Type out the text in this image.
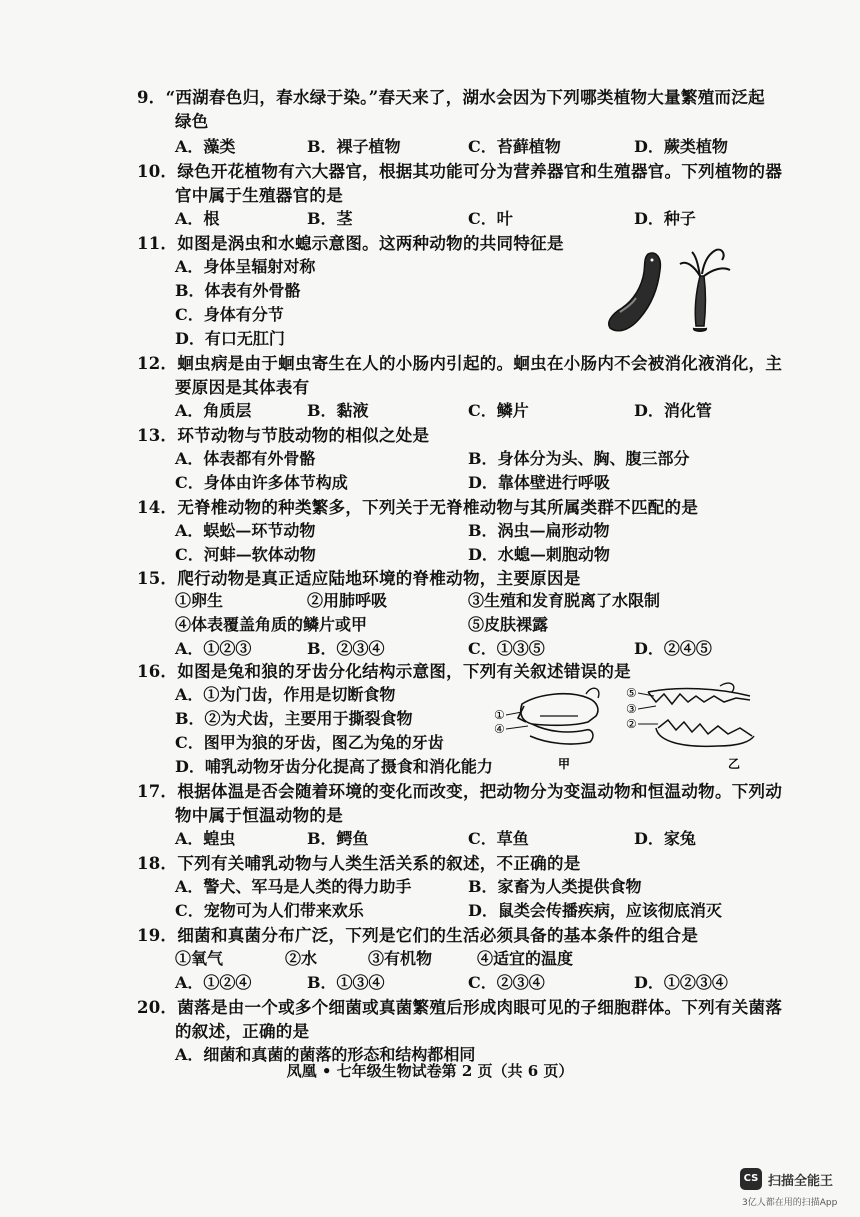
9．“西湖春色归，春水绿于染。”春天来了，湖水会因为下列哪类植物大量繁殖而泛起
绿色
A．藻类	B．裸子植物	C．苔藓植物	D．蕨类植物
10．绿色开花植物有六大器官，根据其功能可分为营养器官和生殖器官。下列植物的器
官中属于生殖器官的是
A．根	B．茎	C．叶	D．种子
11．如图是涡虫和水螅示意图。这两种动物的共同特征是
A．身体呈辐射对称
B．体表有外骨骼
C．身体有分节
D．有口无肛门
12．蛔虫病是由于蛔虫寄生在人的小肠内引起的。蛔虫在小肠内不会被消化液消化，主
要原因是其体表有
A．角质层	B．黏液	C．鳞片	D．消化管
13．环节动物与节肢动物的相似之处是
A．体表都有外骨骼	B．身体分为头、胸、腹三部分
C．身体由许多体节构成	D．靠体壁进行呼吸
14．无脊椎动物的种类繁多，下列关于无脊椎动物与其所属类群不匹配的是
A．蜈蚣—环节动物	B．涡虫—扁形动物
C．河蚌—软体动物	D．水螅—刺胞动物
15．爬行动物是真正适应陆地环境的脊椎动物，主要原因是
①卵生	②用肺呼吸	③生殖和发育脱离了水限制
④体表覆盖角质的鳞片或甲	⑤皮肤裸露
A．①②③	B．②③④	C．①③⑤	D．②④⑤
16．如图是兔和狼的牙齿分化结构示意图，下列有关叙述错误的是
A．①为门齿，作用是切断食物
B．②为犬齿，主要用于撕裂食物
C．图甲为狼的牙齿，图乙为兔的牙齿
D．哺乳动物牙齿分化提高了摄食和消化能力
①
④
甲
⑤
③
②
乙
17．根据体温是否会随着环境的变化而改变，把动物分为变温动物和恒温动物。下列动
物中属于恒温动物的是
A．蝗虫	B．鳄鱼	C．草鱼	D．家兔
18．下列有关哺乳动物与人类生活关系的叙述，不正确的是
A．警犬、军马是人类的得力助手	B．家畜为人类提供食物
C．宠物可为人们带来欢乐	D．鼠类会传播疾病，应该彻底消灭
19．细菌和真菌分布广泛，下列是它们的生活必须具备的基本条件的组合是
①氧气	②水	③有机物	④适宜的温度
A．①②④	B．①③④	C．②③④	D．①②③④
20．菌落是由一个或多个细菌或真菌繁殖后形成肉眼可见的子细胞群体。下列有关菌落
的叙述，正确的是
A．细菌和真菌的菌落的形态和结构都相同
凤凰 • 七年级生物试卷第 2 页（共 6 页）
CS 扫描全能王
3亿人都在用的扫描App
